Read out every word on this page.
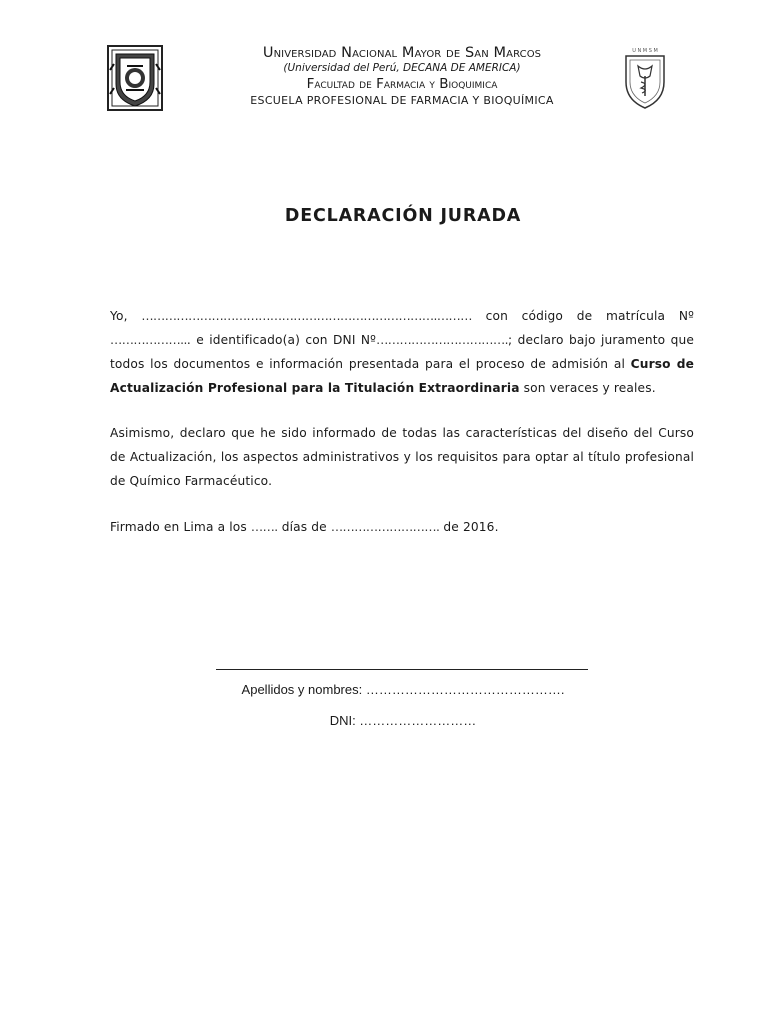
Universidad Nacional Mayor de San Marcos
(Universidad del Perú, DECANA DE AMERICA)
Facultad de Farmacia y Bioquimica
ESCUELA PROFESIONAL DE FARMACIA Y BIOQUÍMICA
U N M S M
DECLARACIÓN JURADA
Yo, ………………………………………………………………….……… con código de matrícula Nº ………………... e identificado(a) con DNI Nº…………………………….; declaro bajo juramento que todos los documentos e información presentada para el proceso de admisión al Curso de Actualización Profesional para la Titulación Extraordinaria son veraces y reales.
Asimismo, declaro que he sido informado de todas las características del diseño del Curso de Actualización, los aspectos administrativos y los requisitos para optar al título profesional de Químico Farmacéutico.
Firmado en Lima a los ……. días de ………………………. de 2016.
Apellidos y nombres: ……………………………………….
DNI: ………………………
